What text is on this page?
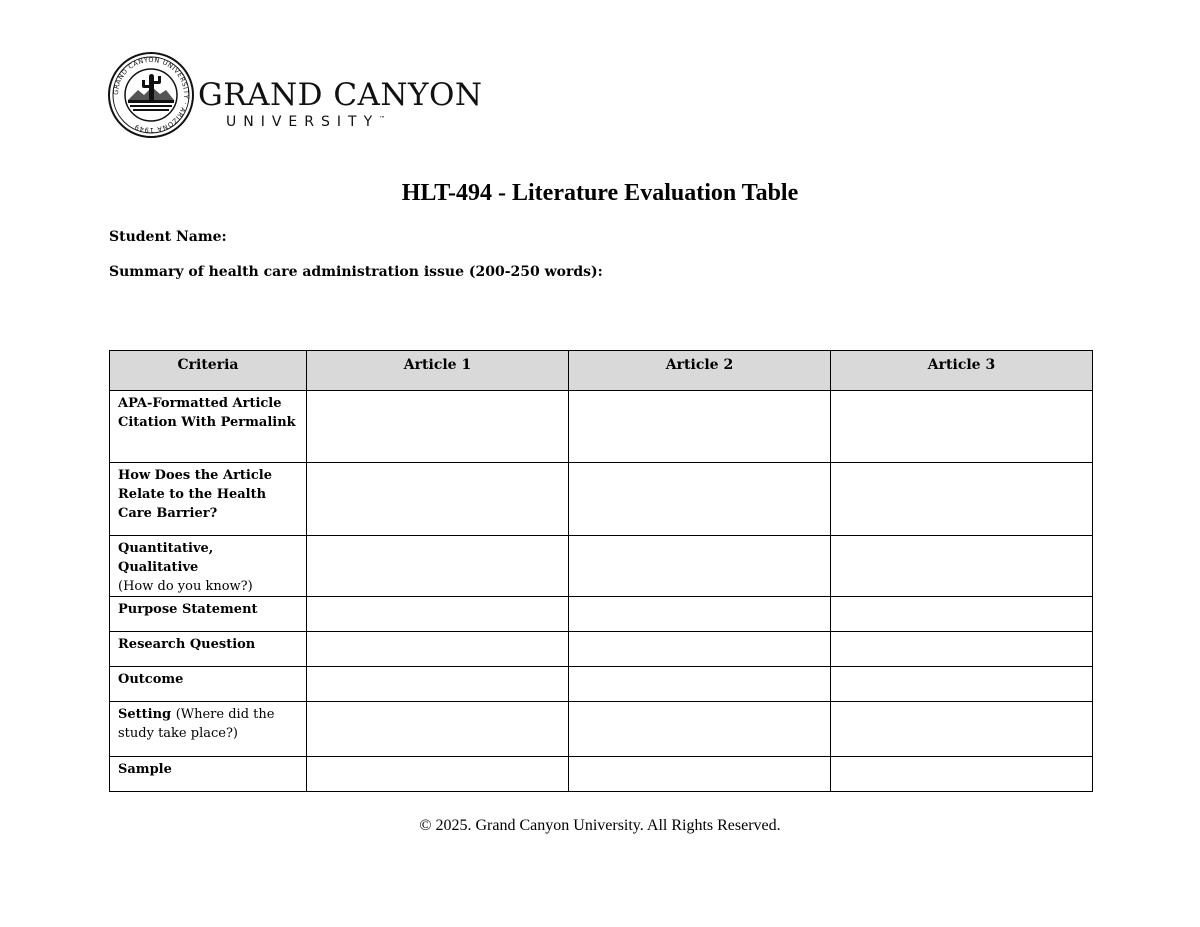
GRAND CANYON UNIVERSITY · ARIZONA 1949
GRAND CANYON
UNIVERSITY™
HLT-494 - Literature Evaluation Table
Student Name:
Summary of health care administration issue (200-250 words):
Criteria	Article 1	Article 2	Article 3
APA-Formatted Article Citation With Permalink			
How Does the Article Relate to the Health Care Barrier?			
Quantitative, Qualitative
(How do you know?)			
Purpose Statement			
Research Question			
Outcome			
Setting (Where did the study take place?)			
Sample			
© 2025. Grand Canyon University. All Rights Reserved.
